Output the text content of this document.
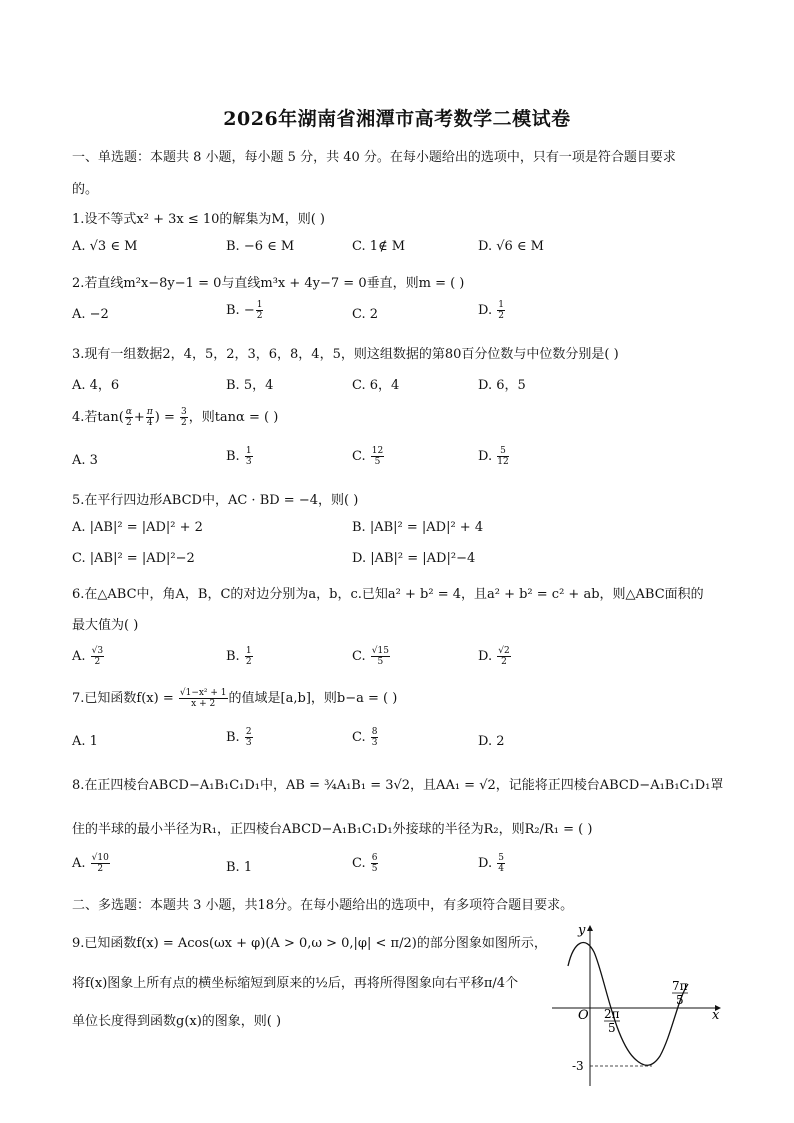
2026年湖南省湘潭市高考数学二模试卷
一、单选题：本题共 8 小题，每小题 5 分，共 40 分。在每小题给出的选项中，只有一项是符合题目要求
的。
1.设不等式x² + 3x ≤ 10的解集为M，则( )
A. √3 ∈ M	B. −6 ∈ M	C. 1∉ M	D. √6 ∈ M
2.若直线m²x−8y−1 = 0与直线m³x + 4y−7 = 0垂直，则m = ( )
A. −2	B. − $\frac{1}{2}$	C. 2	D. $\frac{1}{2}$
3.现有一组数据2，4，5，2，3，6，8，4，5，则这组数据的第80百分位数与中位数分别是( )
A. 4，6	B. 5，4	C. 6，4	D. 6，5
4.若$\tan( \frac{\alpha}{2} + \frac{\pi}{4}$ ) = $\frac{3}{2}$ ，则tanα = ( )
A. 3	B. $\frac{1}{3}$	C. $\frac{12}{5}$	D. $\frac{5}{12}$
5.在平行四边形ABCD中，AC · BD = −4，则( )
A. |AB|² = |AD|² + 2	B. |AB|² = |AD|² + 4
C. |AB|² = |AD|²−2	D. |AB|² = |AD|²−4
6.在△ABC中，角A，B，C的对边分别为a，b，c.已知a² + b² = 4，且a² + b² = c² + ab，则△ABC面积的
最大值为( )
A. $\frac{√3}{2}$	B. $\frac{1}{2}$	C. $\frac{√15}{5}$	D. $\frac{√2}{2}$
7.已知函数$f(x) = \frac{\text{√1−x² + 1}}{x + 2}$ 的值域是[a,b]，则b−a = ( )
A. 1	B. $\frac{2}{3}$	C. $\frac{8}{3}$	D. 2
8.在正四棱台ABCD−A₁B₁C₁D₁中，AB = ¾A₁B₁ = 3√2，且AA₁ = √2，记能将正四棱台ABCD−A₁B₁C₁D₁罩
住的半球的最小半径为R₁，正四棱台ABCD−A₁B₁C₁D₁外接球的半径为R₂，则R₂/R₁ = ( )
A. $\frac{√10}{2}$	B. 1	C. $\frac{6}{5}$	D. $\frac{5}{4}$
二、多选题：本题共 3 小题，共18分。在每小题给出的选项中，有多项符合题目要求。
9.已知函数f(x) = Acos(ωx + φ)(A > 0,ω > 0,|φ| < π/2)的部分图象如图所示，
将f(x)图象上所有点的横坐标缩短到原来的½后，再将所得图象向右平移π/4个
单位长度得到函数g(x)的图象，则( )
y
x
O
-3
2π
5
7π
5
